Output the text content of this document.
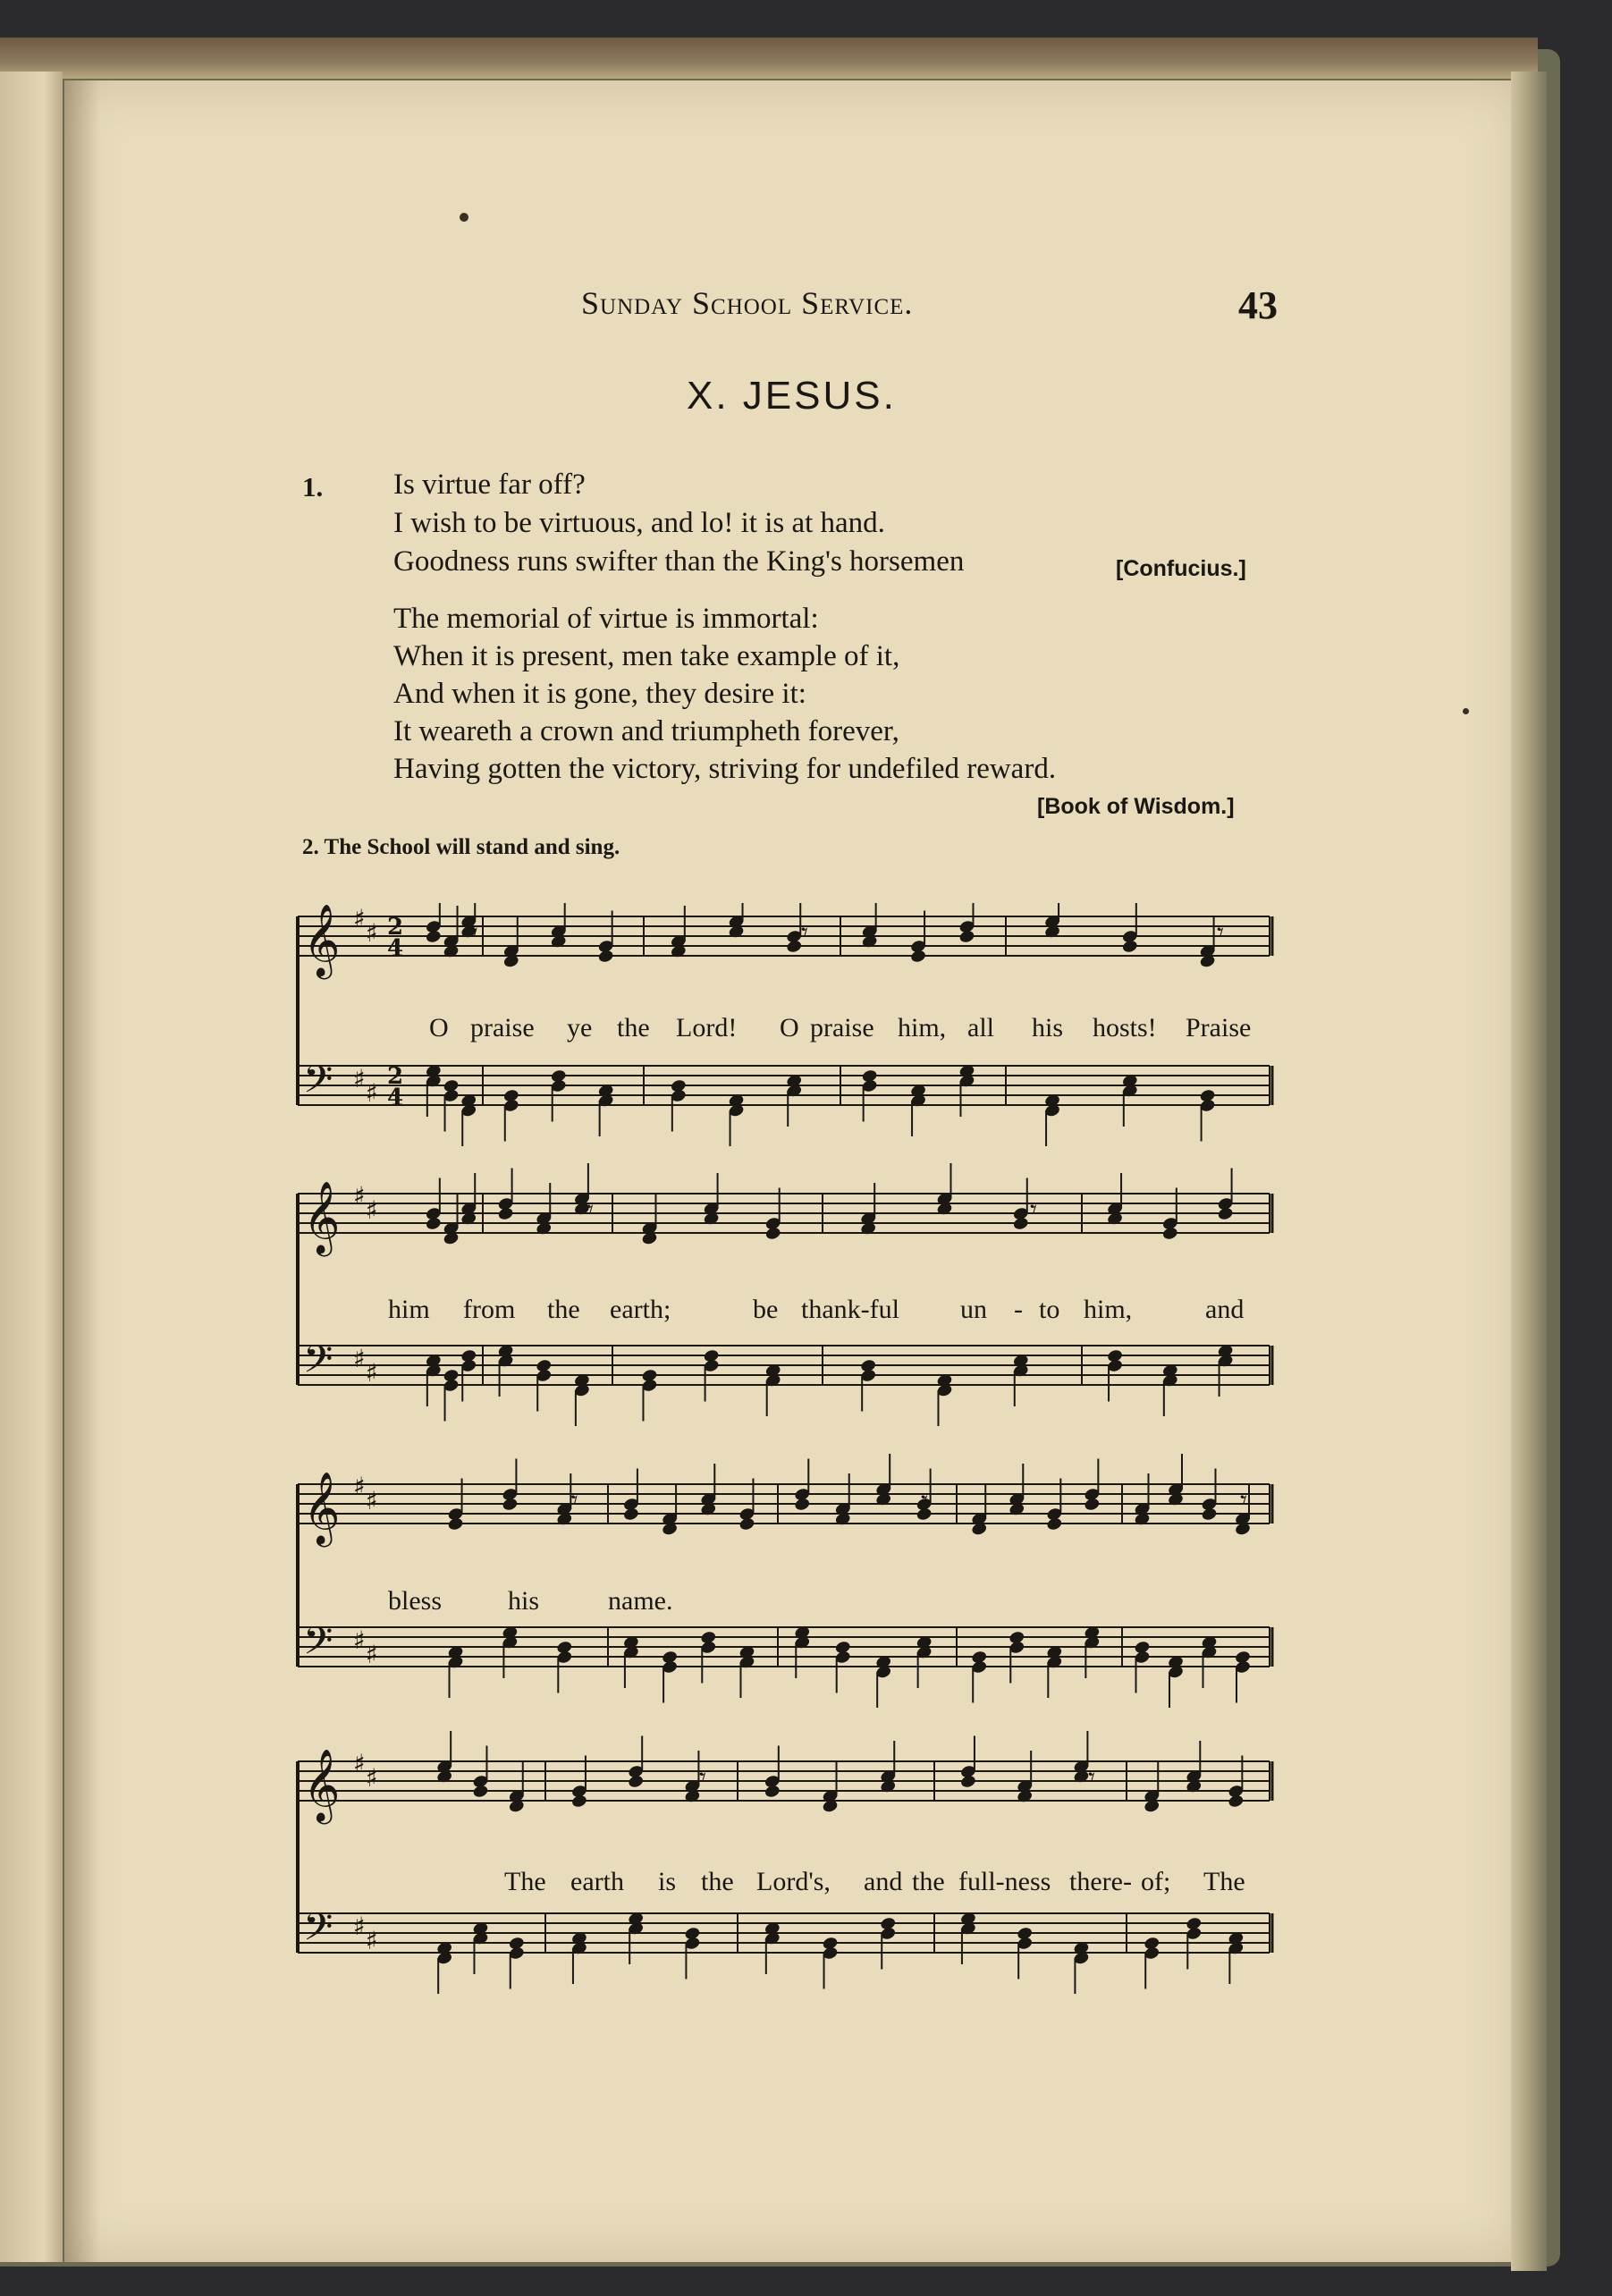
Sunday School Service.	43
X. JESUS.
1. Is virtue far off?
I wish to be virtuous, and lo! it is at hand.
Goodness runs swifter than the King's horsemen	[Confucius.]
The memorial of virtue is immortal:
When it is present, men take example of it,
And when it is gone, they desire it:
It weareth a crown and triumpheth forever,
Having gotten the victory, striving for undefiled reward.
[Book of Wisdom.]
2. The School will stand and sing.
O praise ye the Lord! O praise him, all his hosts! Praise
him from the earth;	be thank-ful un - to him,	and
bless his	name.
The earth is the Lord's, and the full-ness there- of; The
𝄞 ♯ ♯ 2
4
𝄢 ♯ ♯
2
4
𝄾	𝄾	𝄾
𝄞 ♯ ♯
𝄢 ♯ ♯
𝄾	𝄾
𝄞 ♯ ♯
𝄢 ♯ ♯
𝄾	𝄾	𝄾
𝄞 ♯ ♯
𝄢 ♯ ♯
𝄾	𝄾
